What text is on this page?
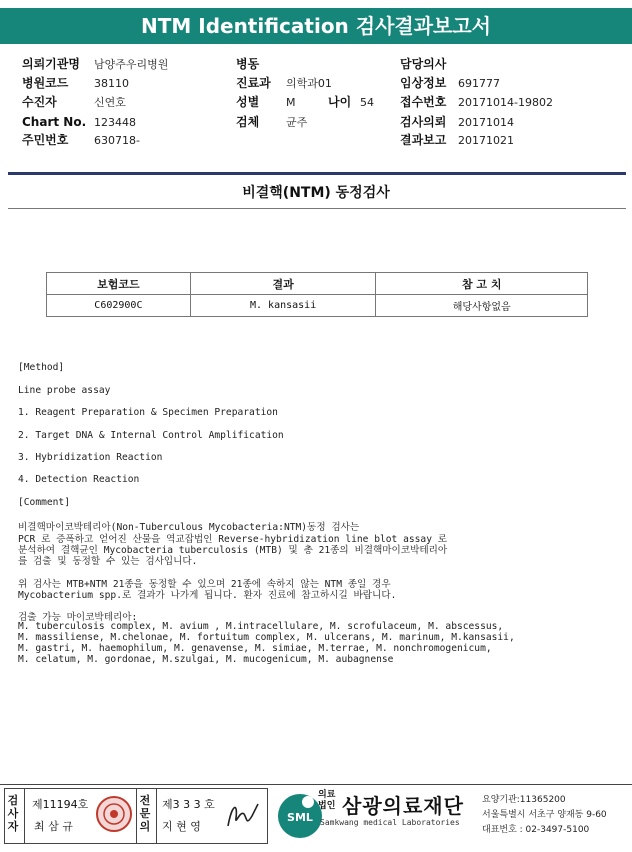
NTM Identification 검사결과보고서
의뢰기관명 남양주우리병원
병원코드 38110
수진자	신연호
Chart No. 123448
주민번호 630718-
병동
진료과 의학과01
성별 M	나이 54
검체 균주
담당의사
임상정보 691777
접수번호 20171014-19802
검사의뢰 20171014
결과보고 20171021
비결핵(NTM) 동정검사
보험코드	결과	참 고 치
C602900C	M. kansasii	해당사항없음
검사자
제11194호
최 삼 규
전문의
제3 3 3 호
지 현 영
SML
의료
법인 삼광의료재단
Samkwang medical Laboratories
요양기관:11365200
서울특별시 서초구 양재동 9-60
대표번호 : 02-3497-5100
[Method]
Line probe assay
1. Reagent Preparation & Specimen Preparation
2. Target DNA & Internal Control Amplification
3. Hybridization Reaction
4. Detection Reaction
[Comment]
비결핵마이코박테리아(Non-Tuberculous Mycobacteria:NTM)동정 검사는
PCR 로 증폭하고 얻어진 산물을 역교잡법인 Reverse-hybridization line blot assay 로
분석하여 결핵균인 Mycobacteria tuberculosis (MTB) 및 총 21종의 비결핵마이코박테리아
를 검출 및 동정할 수 있는 검사입니다.
위 검사는 MTB+NTM 21종을 동정할 수 있으며 21종에 속하지 않는 NTM 종일 경우
Mycobacterium spp.로 결과가 나가게 됩니다. 환자 진료에 참고하시길 바랍니다.
검출 가능 마이코박테리아:
M. tuberculosis complex, M. avium , M.intracellulare, M. scrofulaceum, M. abscessus,
M. massiliense, M.chelonae, M. fortuitum complex, M. ulcerans, M. marinum, M.kansasii,
M. gastri, M. haemophilum, M. genavense, M. simiae, M.terrae, M. nonchromogenicum,
M. celatum, M. gordonae, M.szulgai, M. mucogenicum, M. aubagnense
